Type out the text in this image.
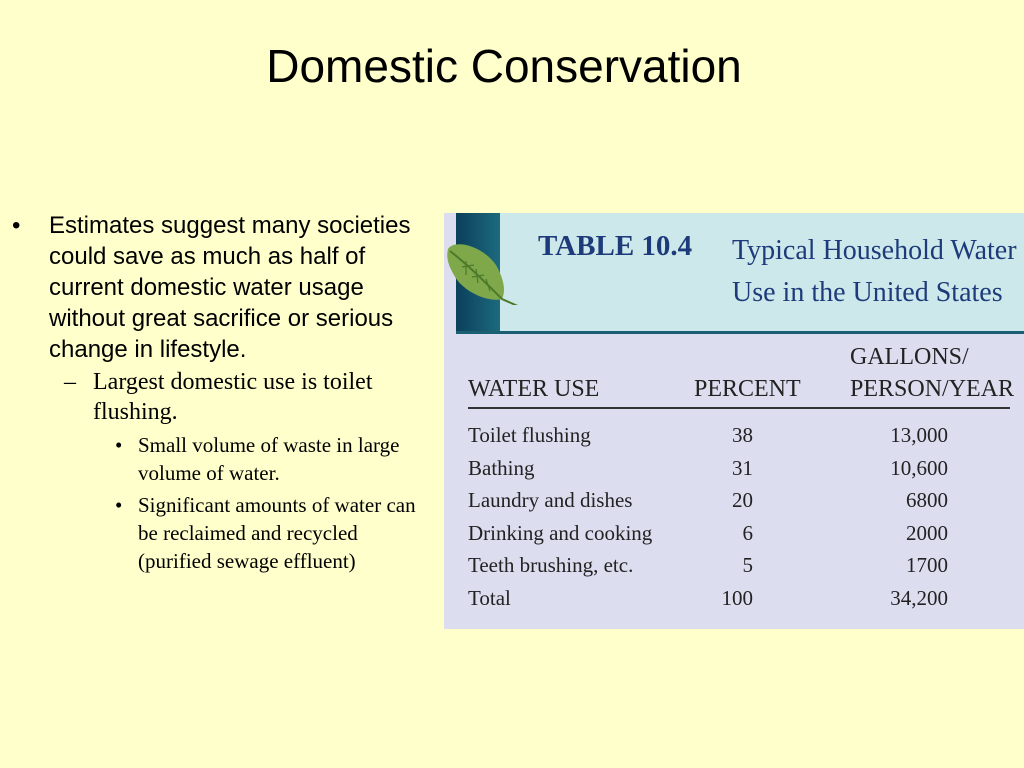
Domestic Conservation
• Estimates suggest many societies could save as much as half of current domestic water usage without great sacrifice or serious change in lifestyle.
– Largest domestic use is toilet flushing.
• Small volume of waste in large volume of water.
• Significant amounts of water can be reclaimed and recycled (purified sewage effluent)
TABLE 10.4 Typical Household Water
Use in the United States
WATER USE	PERCENT
GALLONS/
PERSON/YEAR
Toilet flushing	38	13,000
Bathing	31	10,600
Laundry and dishes	20	6800
Drinking and cooking	6	2000
Teeth brushing, etc.	5	1700
Total	100	34,200
